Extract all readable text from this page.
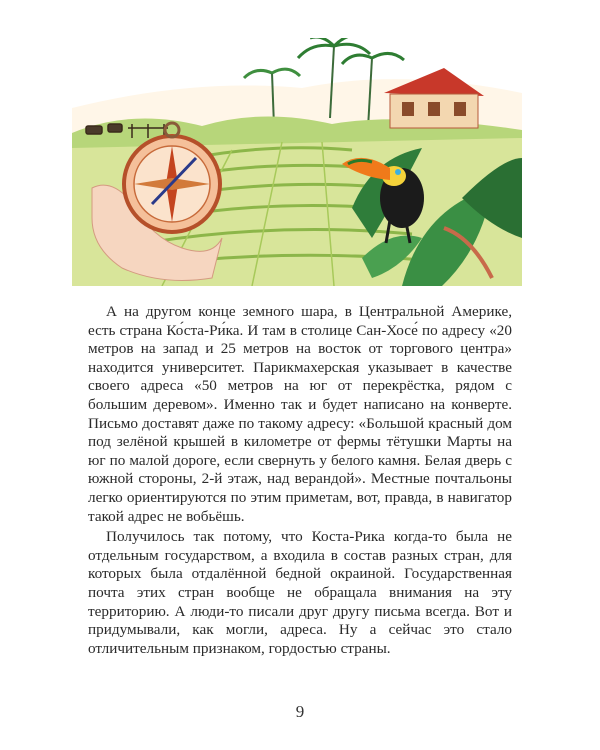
А на другом конце земного шара, в Центральной Америке, есть страна Ко́ста-Ри́ка. И там в столице Сан-Хосе́ по адресу «20 метров на запад и 25 метров на восток от торгового центра» находится университет. Парикмахерская указывает в качестве своего адреса «50 метров на юг от перекрёстка, рядом с большим деревом». Именно так и будет написано на конверте. Письмо доставят даже по такому адресу: «Большой красный дом под зелёной крышей в километре от фермы тётушки Марты на юг по малой дороге, если свернуть у белого камня. Белая дверь с южной стороны, 2-й этаж, над верандой». Местные почтальоны легко ориентируются по этим приметам, вот, правда, в навигатор такой адрес не вобьёшь.

Получилось так потому, что Коста-Рика когда-то была не отдельным государством, а входила в состав разных стран, для которых была отдалённой бедной окраиной. Государственная почта этих стран вообще не обращала внимания на эту территорию. А люди-то писали друг другу письма всегда. Вот и придумывали, как могли, адреса. Ну а сейчас это стало отличительным признаком, гордостью страны.

9
